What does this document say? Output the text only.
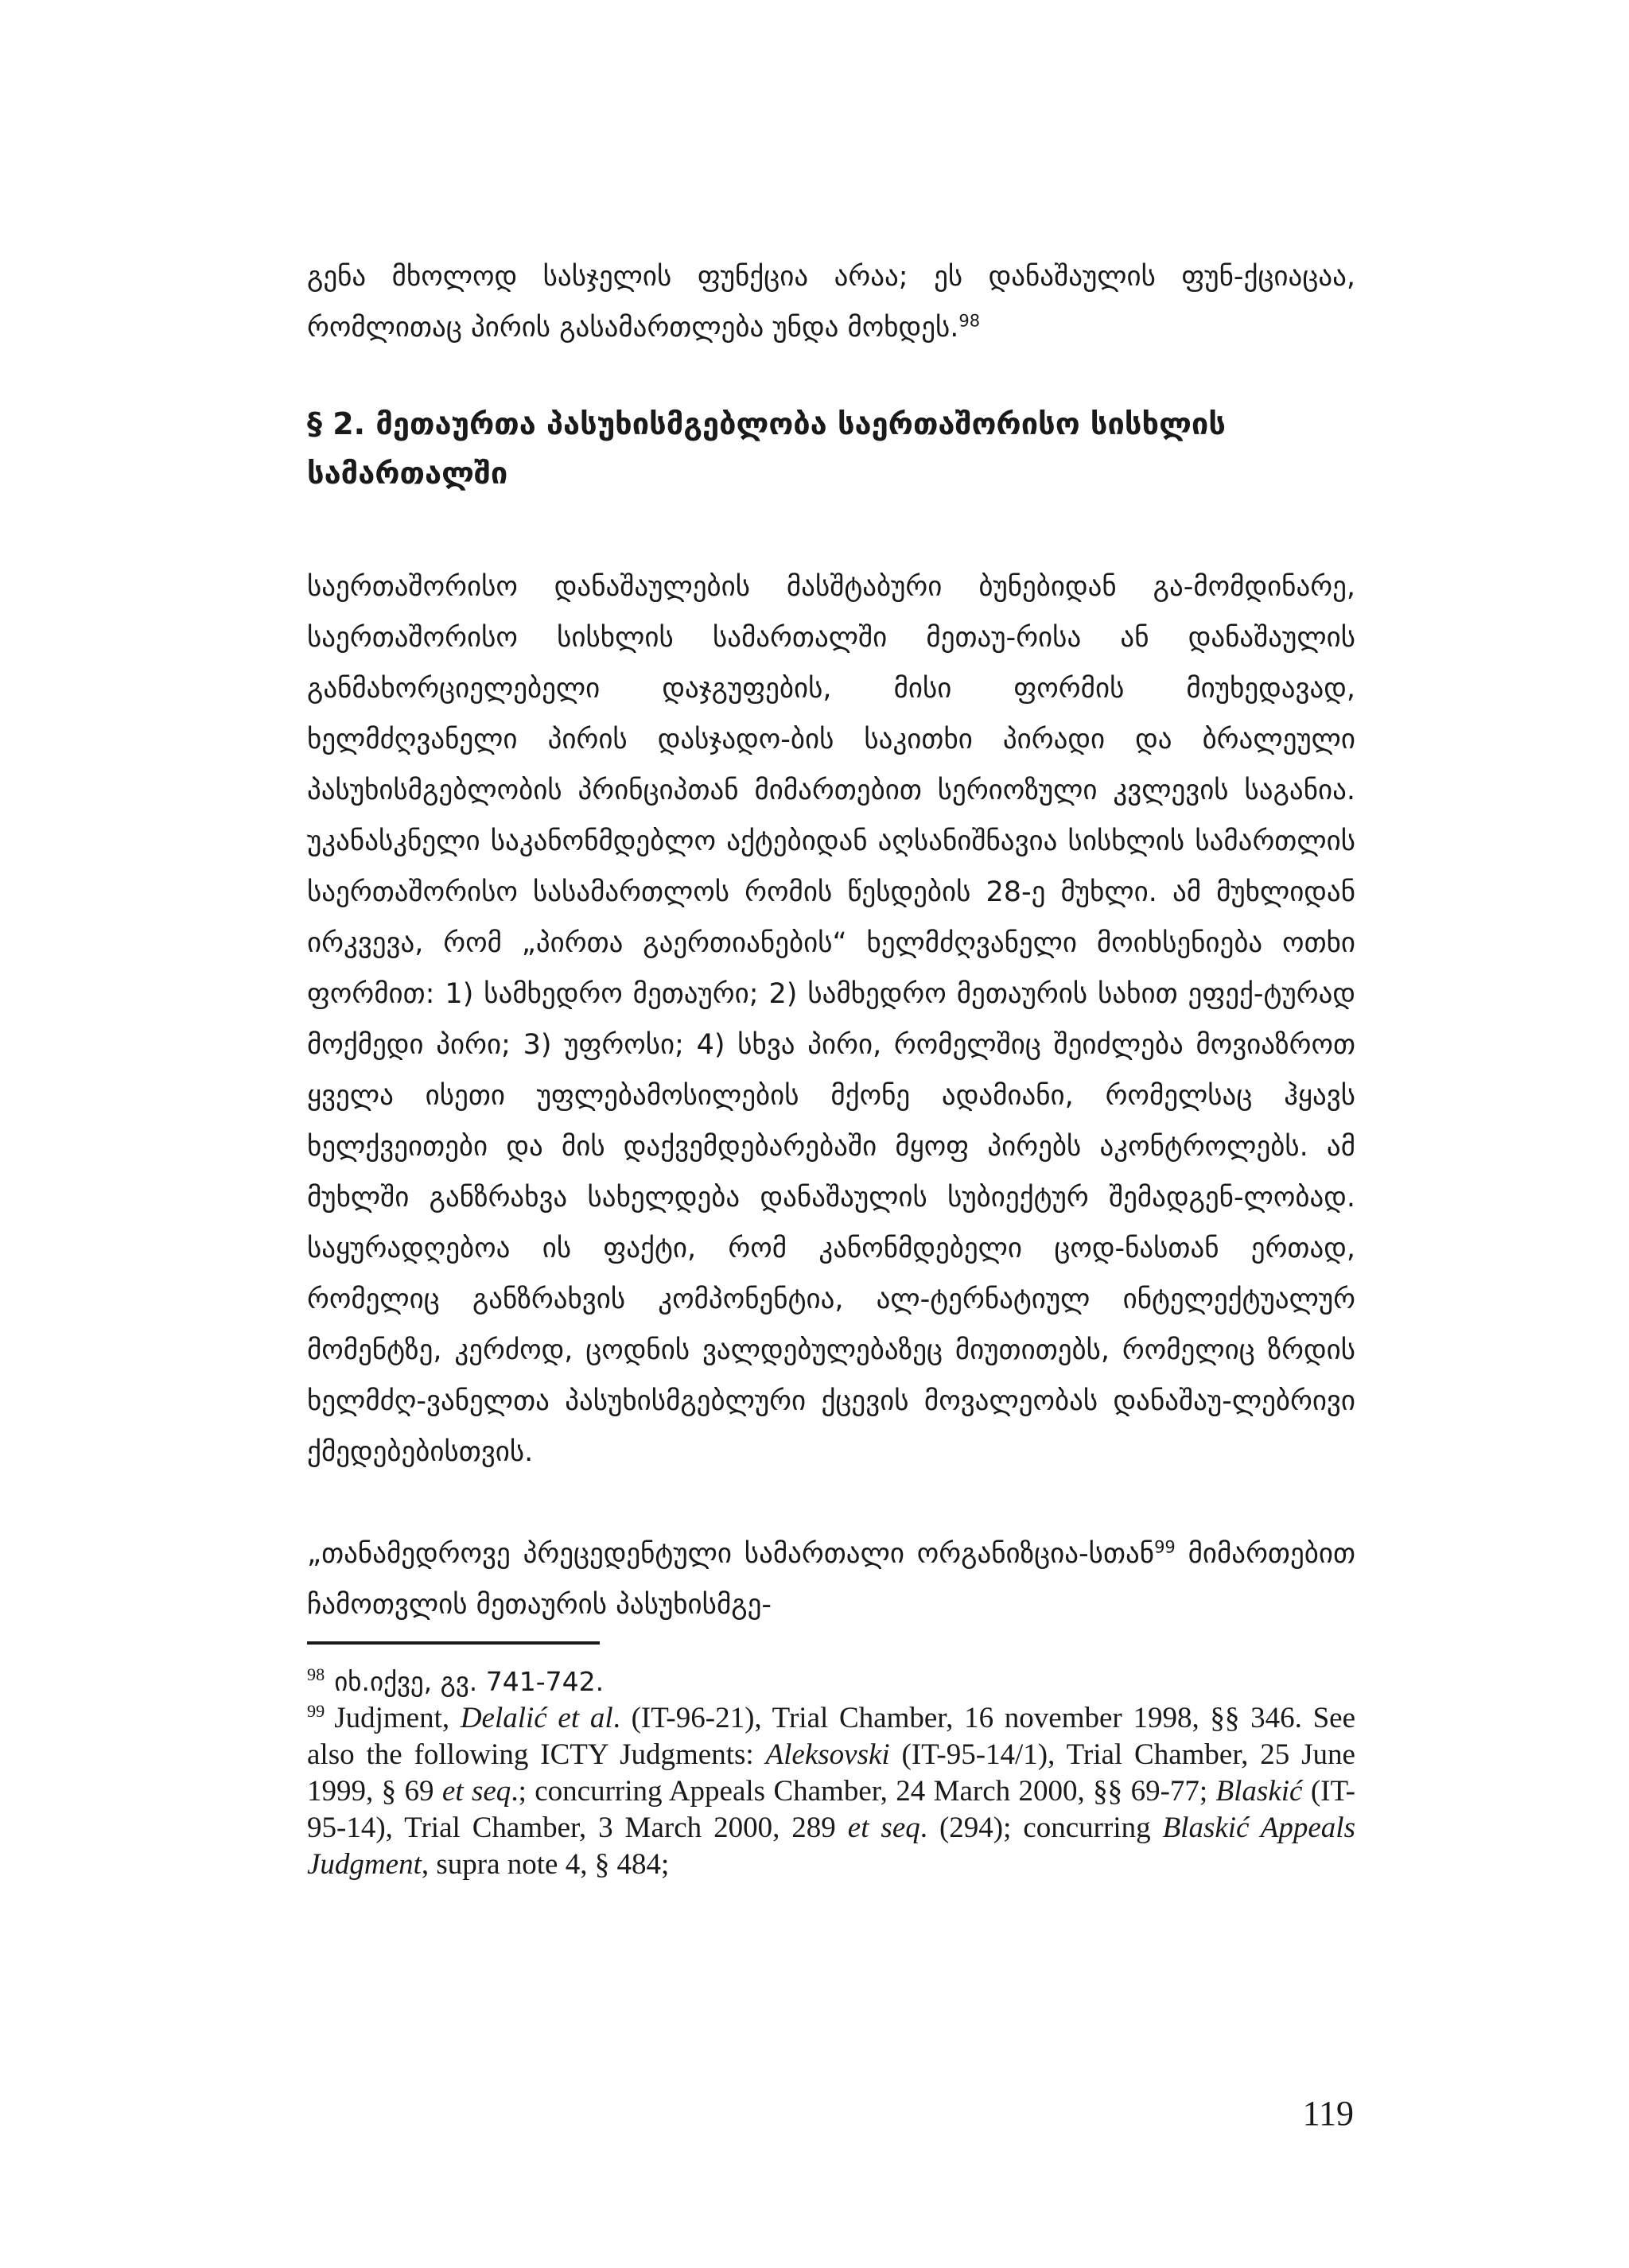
გენა მხოლოდ სასჯელის ფუნქცია არაა; ეს დანაშაულის ფუნ-ქციაცაა, რომლითაც პირის გასამართლება უნდა მოხდეს.$^{98}$

§ 2. მეთაურთა პასუხისმგებლობა საერთაშორისო სისხლის სამართალში

საერთაშორისო დანაშაულების მასშტაბური ბუნებიდან გა-მომდინარე, საერთაშორისო სისხლის სამართალში მეთაუ-რისა ან დანაშაულის განმახორციელებელი დაჯგუფების, მისი ფორმის მიუხედავად, ხელმძღვანელი პირის დასჯადო-ბის საკითხი პირადი და ბრალეული პასუხისმგებლობის პრინციპთან მიმართებით სერიოზული კვლევის საგანია. უკანასკნელი საკანონმდებლო აქტებიდან აღსანიშნავია სისხლის სამართლის საერთაშორისო სასამართლოს რომის წესდების 28-ე მუხლი. ამ მუხლიდან ირკვევა, რომ „პირთა გაერთიანების“ ხელმძღვანელი მოიხსენიება ოთხი ფორმით: 1) სამხედრო მეთაური; 2) სამხედრო მეთაურის სახით ეფექ-ტურად მოქმედი პირი; 3) უფროსი; 4) სხვა პირი, რომელშიც შეიძლება მოვიაზროთ ყველა ისეთი უფლებამოსილების მქონე ადამიანი, რომელსაც ჰყავს ხელქვეითები და მის დაქვემდებარებაში მყოფ პირებს აკონტროლებს. ამ მუხლში განზრახვა სახელდება დანაშაულის სუბიექტურ შემადგენ-ლობად. საყურადღებოა ის ფაქტი, რომ კანონმდებელი ცოდ-ნასთან ერთად, რომელიც განზრახვის კომპონენტია, ალ-ტერნატიულ ინტელექტუალურ მომენტზე, კერძოდ, ცოდნის ვალდებულებაზეც მიუთითებს, რომელიც ზრდის ხელმძღ-ვანელთა პასუხისმგებლური ქცევის მოვალეობას დანაშაუ-ლებრივი ქმედებებისთვის.

„თანამედროვე პრეცედენტული სამართალი ორგანიზცია-სთან$^{99}$ მიმართებით ჩამოთვლის მეთაურის პასუხისმგე-

$^{98}$ იხ.იქვე, გვ. 741-742.

$^{99}$ Judjment, Delalić et al. (IT-96-21), Trial Chamber, 16 november 1998, §§ 346. See also the following ICTY Judgments: Aleksovski (IT-95-14/1), Trial Chamber, 25 June 1999, § 69 et seq.; concurring Appeals Chamber, 24 March 2000, §§ 69-77; Blaskić (IT-95-14), Trial Chamber, 3 March 2000, 289 et seq. (294); concurring Blaskić Appeals Judgment, supra note 4, § 484;

119
